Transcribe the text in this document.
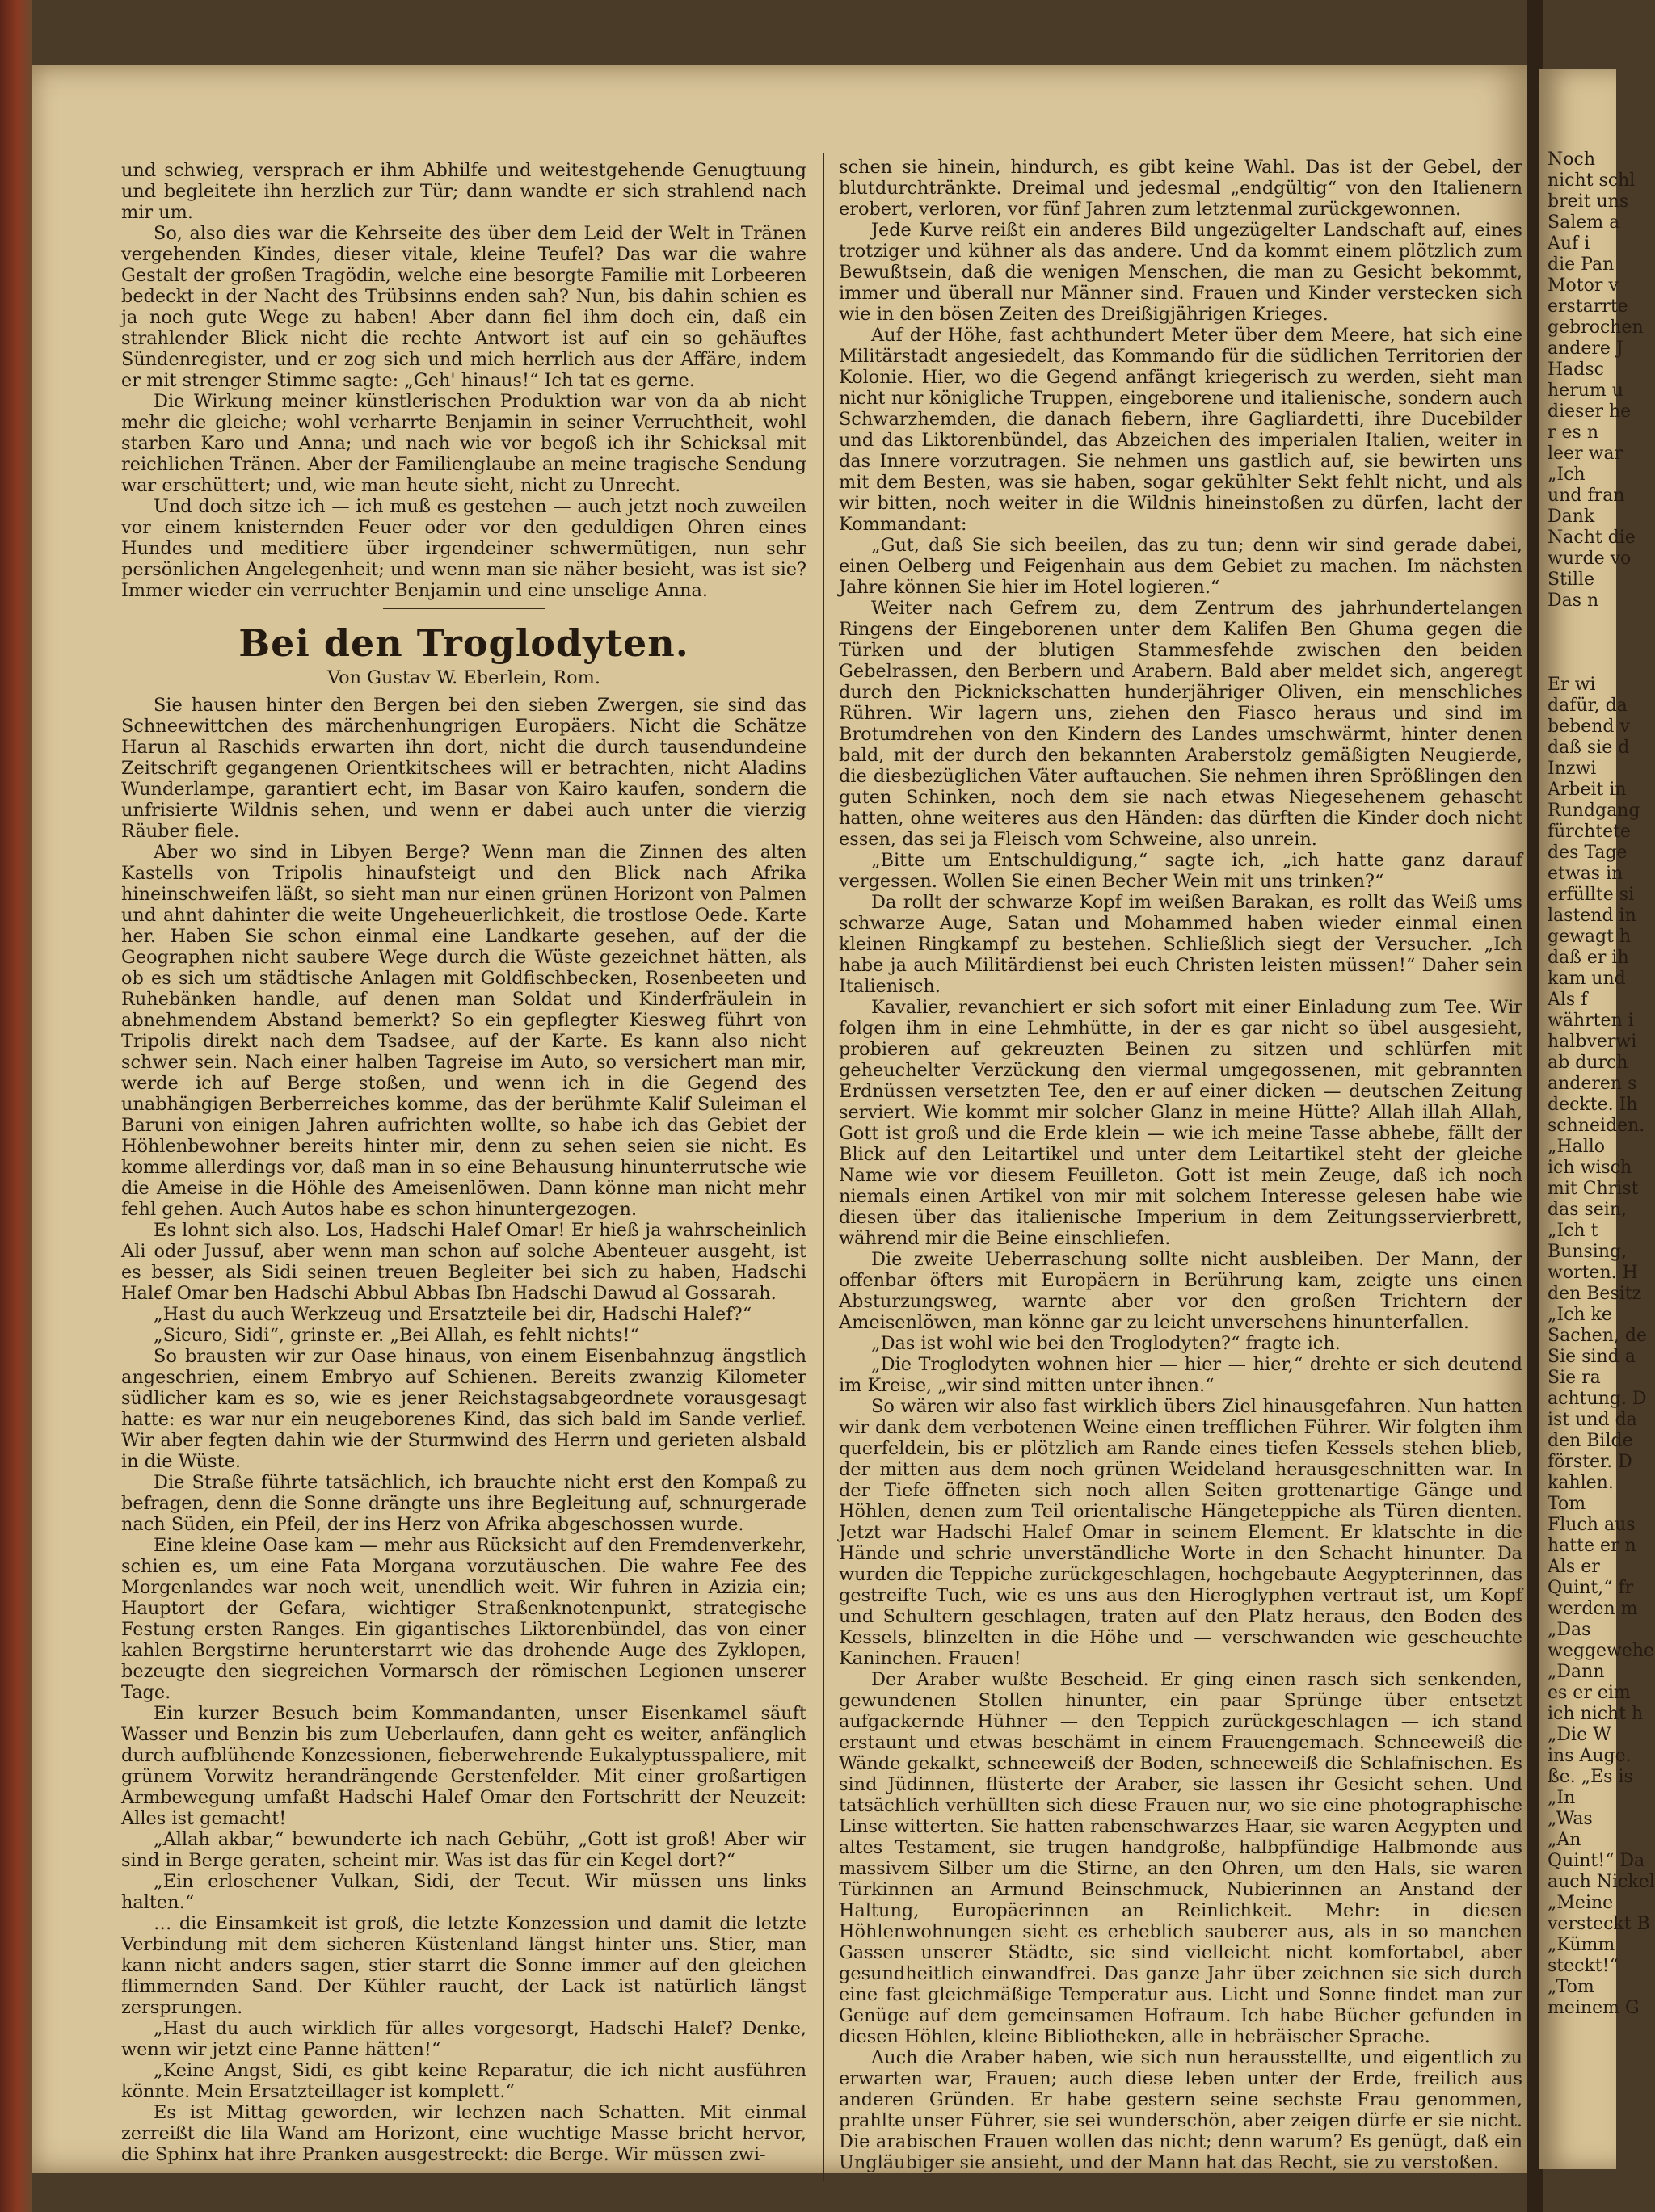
und schwieg, versprach er ihm Abhilfe und weitestgehende Genugtuung und begleitete ihn herzlich zur Tür; dann wandte er sich strahlend nach mir um.

So, also dies war die Kehrseite des über dem Leid der Welt in Tränen vergehenden Kindes, dieser vitale, kleine Teufel? Das war die wahre Gestalt der großen Tragödin, welche eine besorgte Familie mit Lorbeeren bedeckt in der Nacht des Trübsinns enden sah? Nun, bis dahin schien es ja noch gute Wege zu haben! Aber dann fiel ihm doch ein, daß ein strahlender Blick nicht die rechte Antwort ist auf ein so gehäuftes Sündenregister, und er zog sich und mich herrlich aus der Affäre, indem er mit strenger Stimme sagte: „Geh' hinaus!“ Ich tat es gerne.

Die Wirkung meiner künstlerischen Produktion war von da ab nicht mehr die gleiche; wohl verharrte Benjamin in seiner Verruchtheit, wohl starben Karo und Anna; und nach wie vor begoß ich ihr Schicksal mit reichlichen Tränen. Aber der Familienglaube an meine tragische Sendung war erschüttert; und, wie man heute sieht, nicht zu Unrecht.

Und doch sitze ich — ich muß es gestehen — auch jetzt noch zuweilen vor einem knisternden Feuer oder vor den geduldigen Ohren eines Hundes und meditiere über irgendeiner schwermütigen, nun sehr persönlichen Angelegenheit; und wenn man sie näher besieht, was ist sie? Immer wieder ein verruchter Benjamin und eine unselige Anna.

Bei den Troglodyten.
Von Gustav W. Eberlein, Rom.

Sie hausen hinter den Bergen bei den sieben Zwergen, sie sind das Schneewittchen des märchenhungrigen Europäers. Nicht die Schätze Harun al Raschids erwarten ihn dort, nicht die durch tausendundeine Zeitschrift gegangenen Orientkitschees will er betrachten, nicht Aladins Wunderlampe, garantiert echt, im Basar von Kairo kaufen, sondern die unfrisierte Wildnis sehen, und wenn er dabei auch unter die vierzig Räuber fiele.

Aber wo sind in Libyen Berge? Wenn man die Zinnen des alten Kastells von Tripolis hinaufsteigt und den Blick nach Afrika hineinschweifen läßt, so sieht man nur einen grünen Horizont von Palmen und ahnt dahinter die weite Ungeheuerlichkeit, die trostlose Oede. Karte her. Haben Sie schon einmal eine Landkarte gesehen, auf der die Geographen nicht saubere Wege durch die Wüste gezeichnet hätten, als ob es sich um städtische Anlagen mit Goldfischbecken, Rosenbeeten und Ruhebänken handle, auf denen man Soldat und Kinderfräulein in abnehmendem Abstand bemerkt? So ein gepflegter Kiesweg führt von Tripolis direkt nach dem Tsadsee, auf der Karte. Es kann also nicht schwer sein. Nach einer halben Tagreise im Auto, so versichert man mir, werde ich auf Berge stoßen, und wenn ich in die Gegend des unabhängigen Berberreiches komme, das der berühmte Kalif Suleiman el Baruni von einigen Jahren aufrichten wollte, so habe ich das Gebiet der Höhlenbewohner bereits hinter mir, denn zu sehen seien sie nicht. Es komme allerdings vor, daß man in so eine Behausung hinunterrutsche wie die Ameise in die Höhle des Ameisenlöwen. Dann könne man nicht mehr fehl gehen. Auch Autos habe es schon hinuntergezogen.

Es lohnt sich also. Los, Hadschi Halef Omar! Er hieß ja wahrscheinlich Ali oder Jussuf, aber wenn man schon auf solche Abenteuer ausgeht, ist es besser, als Sidi seinen treuen Begleiter bei sich zu haben, Hadschi Halef Omar ben Hadschi Abbul Abbas Ibn Hadschi Dawud al Gossarah.

„Hast du auch Werkzeug und Ersatzteile bei dir, Hadschi Halef?“

„Sicuro, Sidi“, grinste er. „Bei Allah, es fehlt nichts!“

So brausten wir zur Oase hinaus, von einem Eisenbahnzug ängstlich angeschrien, einem Embryo auf Schienen. Bereits zwanzig Kilometer südlicher kam es so, wie es jener Reichstagsabgeordnete vorausgesagt hatte: es war nur ein neugeborenes Kind, das sich bald im Sande verlief. Wir aber fegten dahin wie der Sturmwind des Herrn und gerieten alsbald in die Wüste.

Die Straße führte tatsächlich, ich brauchte nicht erst den Kompaß zu befragen, denn die Sonne drängte uns ihre Begleitung auf, schnurgerade nach Süden, ein Pfeil, der ins Herz von Afrika abgeschossen wurde.

Eine kleine Oase kam — mehr aus Rücksicht auf den Fremdenverkehr, schien es, um eine Fata Morgana vorzutäuschen. Die wahre Fee des Morgenlandes war noch weit, unendlich weit. Wir fuhren in Azizia ein; Hauptort der Gefara, wichtiger Straßenknotenpunkt, strategische Festung ersten Ranges. Ein gigantisches Liktorenbündel, das von einer kahlen Bergstirne herunterstarrt wie das drohende Auge des Zyklopen, bezeugte den siegreichen Vormarsch der römischen Legionen unserer Tage.

Ein kurzer Besuch beim Kommandanten, unser Eisenkamel säuft Wasser und Benzin bis zum Ueberlaufen, dann geht es weiter, anfänglich durch aufblühende Konzessionen, fieberwehrende Eukalyptusspaliere, mit grünem Vorwitz herandrängende Gerstenfelder. Mit einer großartigen Armbewegung umfaßt Hadschi Halef Omar den Fortschritt der Neuzeit: Alles ist gemacht!

„Allah akbar,“ bewunderte ich nach Gebühr, „Gott ist groß! Aber wir sind in Berge geraten, scheint mir. Was ist das für ein Kegel dort?“

„Ein erloschener Vulkan, Sidi, der Tecut. Wir müssen uns links halten.“

… die Einsamkeit ist groß, die letzte Konzession und damit die letzte Verbindung mit dem sicheren Küstenland längst hinter uns. Stier, man kann nicht anders sagen, stier starrt die Sonne immer auf den gleichen flimmernden Sand. Der Kühler raucht, der Lack ist natürlich längst zersprungen.

„Hast du auch wirklich für alles vorgesorgt, Hadschi Halef? Denke, wenn wir jetzt eine Panne hätten!“

„Keine Angst, Sidi, es gibt keine Reparatur, die ich nicht ausführen könnte. Mein Ersatzteillager ist komplett.“

Es ist Mittag geworden, wir lechzen nach Schatten. Mit einmal zerreißt die lila Wand am Horizont, eine wuchtige Masse bricht hervor, die Sphinx hat ihre Pranken ausgestreckt: die Berge. Wir müssen zwi-

schen sie hinein, hindurch, es gibt keine Wahl. Das ist der Gebel, der blutdurchtränkte. Dreimal und jedesmal „endgültig“ von den Italienern erobert, verloren, vor fünf Jahren zum letztenmal zurückgewonnen.

Jede Kurve reißt ein anderes Bild ungezügelter Landschaft auf, eines trotziger und kühner als das andere. Und da kommt einem plötzlich zum Bewußtsein, daß die wenigen Menschen, die man zu Gesicht bekommt, immer und überall nur Männer sind. Frauen und Kinder verstecken sich wie in den bösen Zeiten des Dreißigjährigen Krieges.

Auf der Höhe, fast achthundert Meter über dem Meere, hat sich eine Militärstadt angesiedelt, das Kommando für die südlichen Territorien der Kolonie. Hier, wo die Gegend anfängt kriegerisch zu werden, sieht man nicht nur königliche Truppen, eingeborene und italienische, sondern auch Schwarzhemden, die danach fiebern, ihre Gagliardetti, ihre Ducebilder und das Liktorenbündel, das Abzeichen des imperialen Italien, weiter in das Innere vorzutragen. Sie nehmen uns gastlich auf, sie bewirten uns mit dem Besten, was sie haben, sogar gekühlter Sekt fehlt nicht, und als wir bitten, noch weiter in die Wildnis hineinstoßen zu dürfen, lacht der Kommandant:

„Gut, daß Sie sich beeilen, das zu tun; denn wir sind gerade dabei, einen Oelberg und Feigenhain aus dem Gebiet zu machen. Im nächsten Jahre können Sie hier im Hotel logieren.“

Weiter nach Gefrem zu, dem Zentrum des jahrhundertelangen Ringens der Eingeborenen unter dem Kalifen Ben Ghuma gegen die Türken und der blutigen Stammesfehde zwischen den beiden Gebelrassen, den Berbern und Arabern. Bald aber meldet sich, angeregt durch den Picknickschatten hunderjähriger Oliven, ein menschliches Rühren. Wir lagern uns, ziehen den Fiasco heraus und sind im Brotumdrehen von den Kindern des Landes umschwärmt, hinter denen bald, mit der durch den bekannten Araberstolz gemäßigten Neugierde, die diesbezüglichen Väter auftauchen. Sie nehmen ihren Sprößlingen den guten Schinken, noch dem sie nach etwas Niegesehenem gehascht hatten, ohne weiteres aus den Händen: das dürften die Kinder doch nicht essen, das sei ja Fleisch vom Schweine, also unrein.

„Bitte um Entschuldigung,“ sagte ich, „ich hatte ganz darauf vergessen. Wollen Sie einen Becher Wein mit uns trinken?“

Da rollt der schwarze Kopf im weißen Barakan, es rollt das Weiß ums schwarze Auge, Satan und Mohammed haben wieder einmal einen kleinen Ringkampf zu bestehen. Schließlich siegt der Versucher. „Ich habe ja auch Militärdienst bei euch Christen leisten müssen!“ Daher sein Italienisch.

Kavalier, revanchiert er sich sofort mit einer Einladung zum Tee. Wir folgen ihm in eine Lehmhütte, in der es gar nicht so übel ausgesieht, probieren auf gekreuzten Beinen zu sitzen und schlürfen mit geheuchelter Verzückung den viermal umgegossenen, mit gebrannten Erdnüssen versetzten Tee, den er auf einer dicken — deutschen Zeitung serviert. Wie kommt mir solcher Glanz in meine Hütte? Allah illah Allah, Gott ist groß und die Erde klein — wie ich meine Tasse abhebe, fällt der Blick auf den Leitartikel und unter dem Leitartikel steht der gleiche Name wie vor diesem Feuilleton. Gott ist mein Zeuge, daß ich noch niemals einen Artikel von mir mit solchem Interesse gelesen habe wie diesen über das italienische Imperium in dem Zeitungsservierbrett, während mir die Beine einschliefen.

Die zweite Ueberraschung sollte nicht ausbleiben. Der Mann, der offenbar öfters mit Europäern in Berührung kam, zeigte uns einen Absturzungsweg, warnte aber vor den großen Trichtern der Ameisenlöwen, man könne gar zu leicht unversehens hinunterfallen.

„Das ist wohl wie bei den Troglodyten?“ fragte ich.

„Die Troglodyten wohnen hier — hier — hier,“ drehte er sich deutend im Kreise, „wir sind mitten unter ihnen.“

So wären wir also fast wirklich übers Ziel hinausgefahren. Nun hatten wir dank dem verbotenen Weine einen trefflichen Führer. Wir folgten ihm querfeldein, bis er plötzlich am Rande eines tiefen Kessels stehen blieb, der mitten aus dem noch grünen Weideland herausgeschnitten war. In der Tiefe öffneten sich noch allen Seiten grottenartige Gänge und Höhlen, denen zum Teil orientalische Hängeteppiche als Türen dienten. Jetzt war Hadschi Halef Omar in seinem Element. Er klatschte in die Hände und schrie unverständliche Worte in den Schacht hinunter. Da wurden die Teppiche zurückgeschlagen, hochgebaute Aegypterinnen, das gestreifte Tuch, wie es uns aus den Hieroglyphen vertraut ist, um Kopf und Schultern geschlagen, traten auf den Platz heraus, den Boden des Kessels, blinzelten in die Höhe und — verschwanden wie gescheuchte Kaninchen. Frauen!

Der Araber wußte Bescheid. Er ging einen rasch sich senkenden, gewundenen Stollen hinunter, ein paar Sprünge über entsetzt aufgackernde Hühner — den Teppich zurückgeschlagen — ich stand erstaunt und etwas beschämt in einem Frauengemach. Schneeweiß die Wände gekalkt, schneeweiß der Boden, schneeweiß die Schlafnischen. Es sind Jüdinnen, flüsterte der Araber, sie lassen ihr Gesicht sehen. Und tatsächlich verhüllten sich diese Frauen nur, wo sie eine photographische Linse witterten. Sie hatten rabenschwarzes Haar, sie waren Aegypten und altes Testament, sie trugen handgroße, halbpfündige Halbmonde aus massivem Silber um die Stirne, an den Ohren, um den Hals, sie waren Türkinnen an Armund Beinschmuck, Nubierinnen an Anstand der Haltung, Europäerinnen an Reinlichkeit. Mehr: in diesen Höhlenwohnungen sieht es erheblich sauberer aus, als in so manchen Gassen unserer Städte, sie sind vielleicht nicht komfortabel, aber gesundheitlich einwandfrei. Das ganze Jahr über zeichnen sie sich durch eine fast gleichmäßige Temperatur aus. Licht und Sonne findet man zur Genüge auf dem gemeinsamen Hofraum. Ich habe Bücher gefunden in diesen Höhlen, kleine Bibliotheken, alle in hebräischer Sprache.

Auch die Araber haben, wie sich nun herausstellte, und eigentlich zu erwarten war, Frauen; auch diese leben unter der Erde, freilich aus anderen Gründen. Er habe gestern seine sechste Frau genommen, prahlte unser Führer, sie sei wunderschön, aber zeigen dürfe er sie nicht. Die arabischen Frauen wollen das nicht; denn warum? Es genügt, daß ein Ungläubiger sie ansieht, und der Mann hat das Recht, sie zu verstoßen.

Noch
nicht schl
breit uns
Salem a
Auf i
die Pan
Motor v
erstarrte
gebrochen
andere J
Hadsc
herum u
dieser he
r es n
leer war
„Ich
und fran
Dank
Nacht die
wurde vo
Stille
Das n

Er wi
dafür, da
bebend v
daß sie d
Inzwi
Arbeit in
Rundgang
fürchtete
des Tage
etwas in
erfüllte si
lastend in
gewagt h
daß er ih
kam und
Als f
währten i
halbverwi
ab durch
anderen s
deckte. Ih
schneiden.
„Hallo
ich wisch
mit Christ
das sein,
„Ich t
Bunsing,
worten. H
den Besitz
„Ich ke
Sachen, de
Sie sind a
Sie ra
achtung. D
ist und da
den Bilde
förster. D
kahlen.
Tom
Fluch aus
hatte er n
Als er
Quint,“ fr
werden m
„Das
weggewehe
„Dann
es er eim
ich nicht h
„Die W
ins Auge.
ße. „Es is
„In
„Was
„An
Quint!“ Da
auch Nickel
„Meine
versteckt B
„Kümm
steckt!“
„Tom
meinem G
